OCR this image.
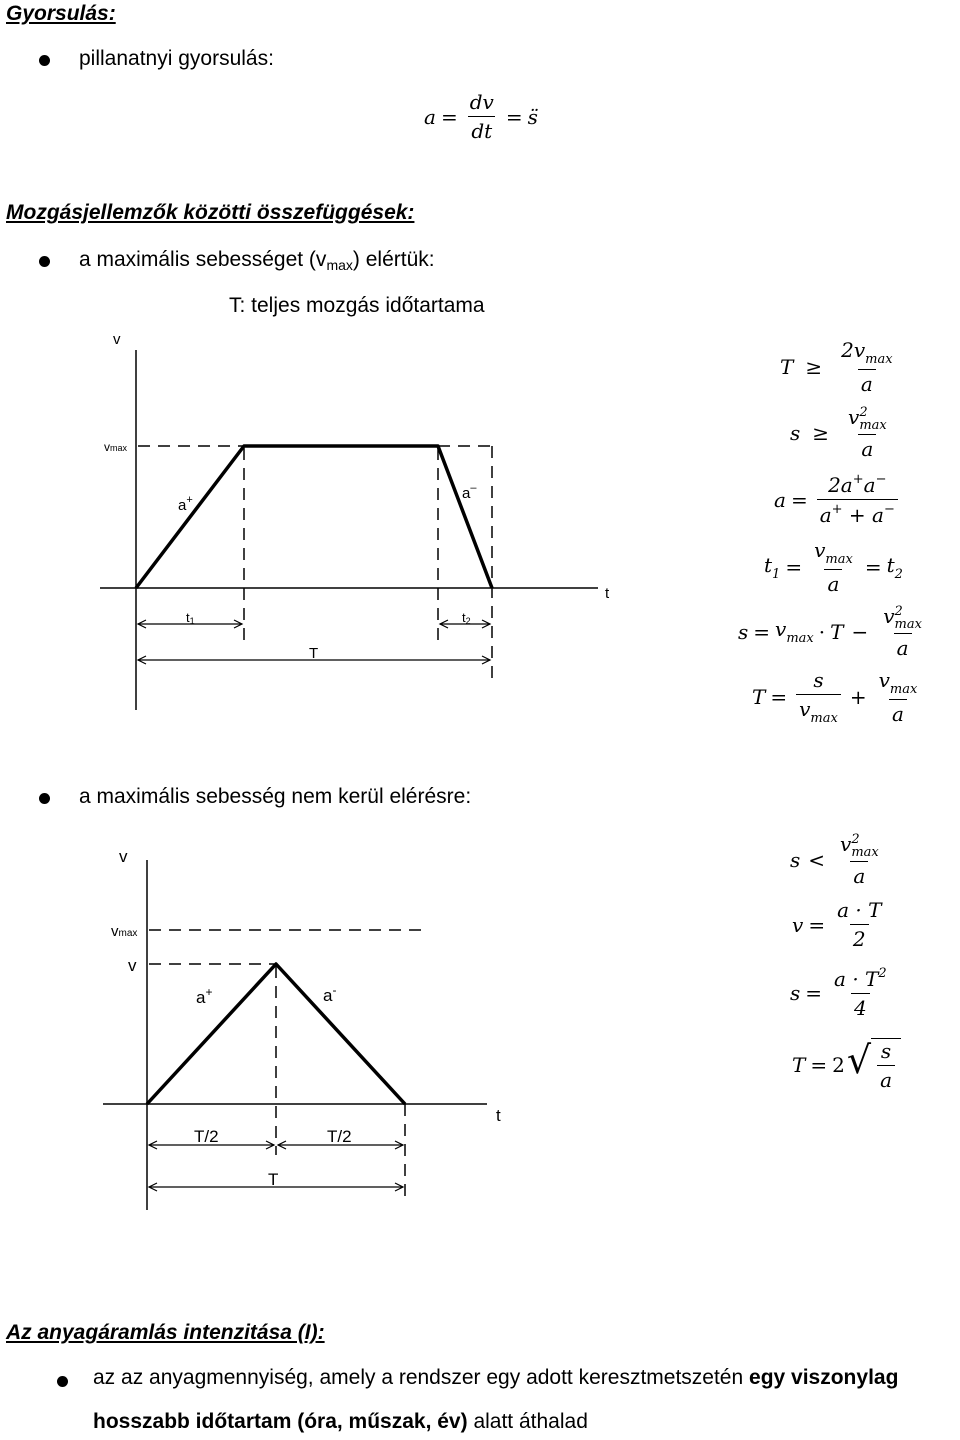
Gyorsulás:
pillanatnyi gyorsulás:
$a = \frac{dv}{dt}$ = s̈
Mozgásjellemzők közötti összefüggések:
a maximális sebességet (vmax) elértük:
T: teljes mozgás időtartama
v
t
vmax
a+	a–
t1	t2
T
$T \ge \frac{2v_{max}}{a}$
s ≥ v 2
max
a
$a = \frac{2a^+a^-}{a^+ + a^-}$
$t_1 = \frac{v_{max}}{a} = t_2$
$s = v_{max} \cdot T - v$ 2
max
a
$T = \frac{s}{v_{max}} + \frac{v_{max}}{a}$
a maximális sebesség nem kerül elérésre:
v
t
vmax
v
a+	a-
T/2	T/2
T
s < v 2
max
a
$v = \frac{a \cdot T}{2}$
$s = \frac{a \cdot T^2}{4}$
T = 2 √ $\frac{s}{a}$
Az anyagáramlás intenzitása (I):
az az anyagmennyiség, amely a rendszer egy adott keresztmetszetén egy viszonylag
hosszabb időtartam (óra, műszak, év) alatt áthalad
